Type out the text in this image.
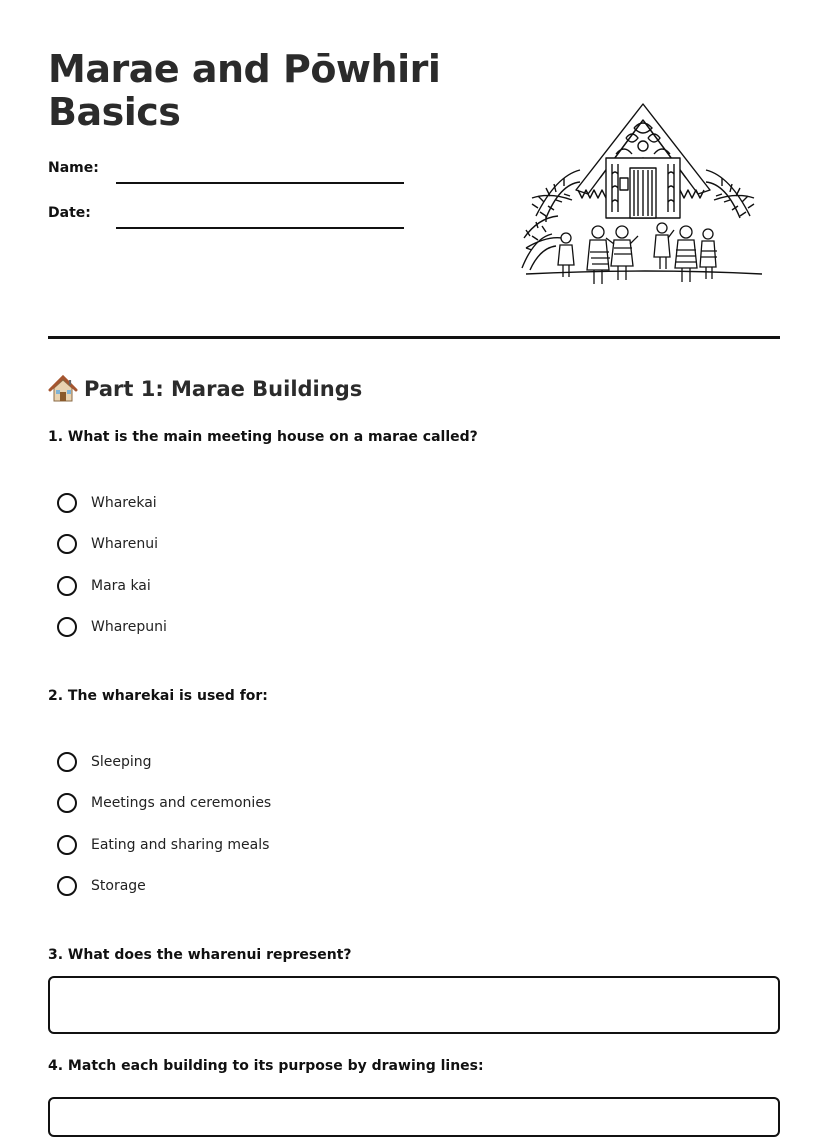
Marae and Pōwhiri Basics
Name:
Date:
Part 1: Marae Buildings
1. What is the main meeting house on a marae called?
Wharekai
Wharenui
Mara kai
Wharepuni
2. The wharekai is used for:
Sleeping
Meetings and ceremonies
Eating and sharing meals
Storage
3. What does the wharenui represent?
4. Match each building to its purpose by drawing lines:
